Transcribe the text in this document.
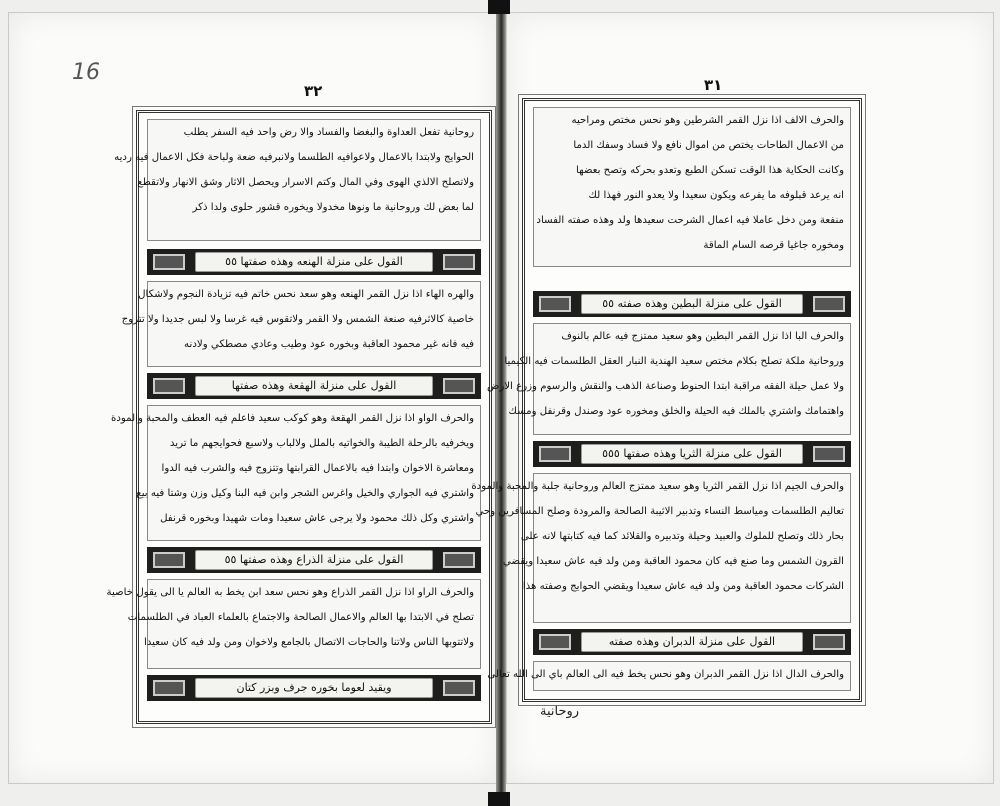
16
٣٢	٣١
روحانية
روحانية تفعل العداوة والبغضا والفساد والا رض واحد فيه السفر يطلب
الحوايج ولابتدا بالاعمال ولاعوافيه الطلسما ولانبرفيه ضعة ولباحة فكل الاعمال فيه رديه
ولاتصلح الالذي الهوى وفي المال وكتم الاسرار ويحصل الاثار وشق الانهار ولاتقطع
لما بعض لك وروحانية ما ونوها مخدولا ويخوره قشور حلوى ولدا ذكر
القول على منزلة الهنعه وهذه صفتها ٥٥
والهره الهاء اذا نزل القمر الهنعه وهو سعد نحس خاتم فيه تزيادة النجوم ولاشكال
خاصية كالاثرفيه صنعة الشمس ولا القمر ولاتقوس فيه غرسا ولا لبس جديدا ولا تتزوج
فيه فانه غير محمود العاقبة وبخوره عود وطيب وعادي مصطكي ولادنه
القول على منزلة الهقعة وهذه صفتها
والحرف الواو اذا نزل القمر الهقعة وهو كوكب سعيد فاعلم فيه العطف والمحبة والمودة
ويخرفيه بالرحلة الطيبة والخواتيه بالملل ولالباب ولاسبع فحوايجهم ما تريد
ومعاشرة الاخوان وابتدا فيه بالاعمال القرابتها وتتزوج فيه والشرب فيه الدوا
واشتري فيه الجواري والخيل واغرس الشجر وابن فيه البنا وكيل وزن وشتا فيه بيع
واشتري وكل ذلك محمود ولا يرجى عاش سعيدا ومات شهيدا وبخوره قرنفل
القول على منزلة الذراع وهذه صفتها ٥٥
والحرف الراو اذا نزل القمر الذراع وهو نحس سعد ابن يخط به العالم يا الى يقول خاصية
تصلح في الابتدا بها العالم والاعمال الصالحة والاجتماع بالعلماء العباد في الطلسمات
ولاتتوبها الناس ولاتنا والحاجات الاتصال بالجامع ولاخوان ومن ولد فيه كان سعيدا
ويقيد لعوما بخوره جرف وبزر كتان
والحرف الالف اذا نزل القمر الشرطين وهو نحس مختص ومراحيه
من الاعمال الطاحات يختص من اموال نافع ولا فساد وسفك الدما
وكانت الحكاية هذا الوقت تسكن الطبع وتعدو بحركه وتصح بعضها
انه يرعد قبلوفه ما يفرعه ويكون سعيدا ولا يعدو النور فهذا لك
منفعة ومن دخل عاملا فيه اعمال الشرحت سعيدها ولد وهذه صفته الفساد
ومخوره جاغيا قرصه السام الماقة
القول على منزلة البطين وهذه صفته ٥٥
والحرف البا اذا نزل القمر البطين وهو سعيد ممتزج فيه عالم بالنوف
وروحانية ملكة تصلح بكلام مختص سعيد الهندية النبار العقل الطلسمات فيه الكيميا
ولا عمل حيلة الفقه مراقبة ابتدا الحنوط وصناعة الذهب والنقش والرسوم وزرع الارض
واهتمامك واشتري بالملك فيه الحيلة والخلق ومخوره عود وصندل وقرنفل ومسك
القول على منزلة الثريا وهذه صفتها ٥٥٥
والحرف الجيم اذا نزل القمر الثريا وهو سعيد ممتزج العالم وروحانية جلبة والمحبة والمودة
تعاليم الطلسمات ومياسط النساء وتدبير الاثيبة الصالحة والمرودة وصلح المسافرين وحي
بحار ذلك وتصلح للملوك والعبيد وحيلة وتدبيره والقلائد كما فيه كتابتها لانه على
القرون الشمس وما صنع فيه كان محمود العاقبة ومن ولد فيه عاش سعيدا ويقضي
الشركات محمود العاقبة ومن ولد فيه عاش سعيدا ويقضي الحوايج وصفته هذا
القول على منزلة الدبران وهذه صفته
والحرف الدال اذا نزل القمر الدبران وهو نحس يخط فيه الى العالم باي الى الله تعالى
